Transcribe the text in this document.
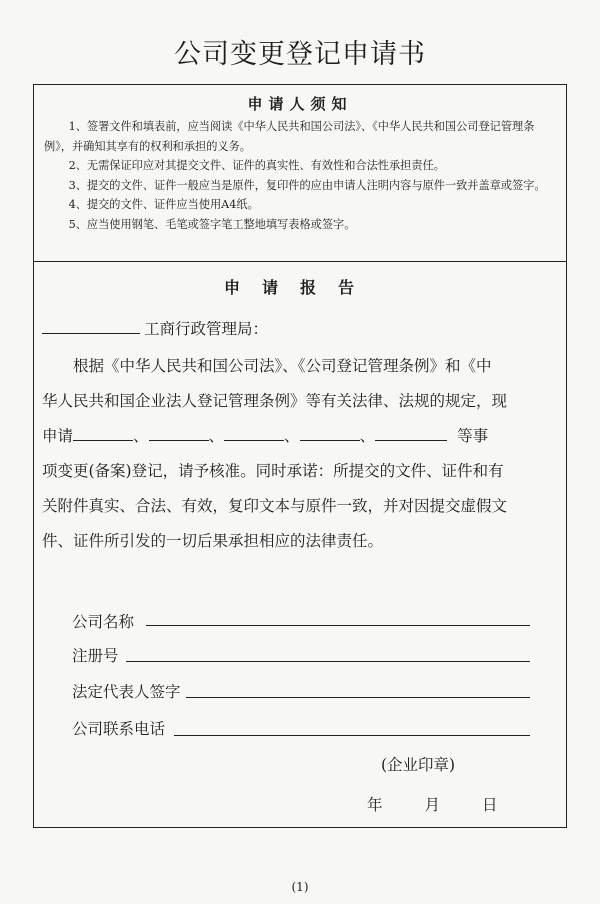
公司变更登记申请书
申请人须知
1、签署文件和填表前，应当阅读《中华人民共和国公司法》、《中华人民共和国公司登记管理条例》，并确知其享有的权利和承担的义务。
2、无需保证印应对其提交文件、证件的真实性、有效性和合法性承担责任。
3、提交的文件、证件一般应当是原件，复印件的应由申请人注明内容与原件一致并盖章或签字。
4、提交的文件、证件应当使用A4纸。
5、应当使用钢笔、毛笔或签字笔工整地填写表格或签字。
申请报告
工商行政管理局：
根据《中华人民共和国公司法》、《公司登记管理条例》和《中
华人民共和国企业法人登记管理条例》等有关法律、法规的规定，现
申请	、	、	、	、	等事
项变更(备案)登记，请予核准。同时承诺：所提交的文件、证件和有
关附件真实、合法、有效，复印文本与原件一致，并对因提交虚假文
件、证件所引发的一切后果承担相应的法律责任。
公司名称
注册号
法定代表人签字
公司联系电话
(企业印章)
年	月	日
(1)
